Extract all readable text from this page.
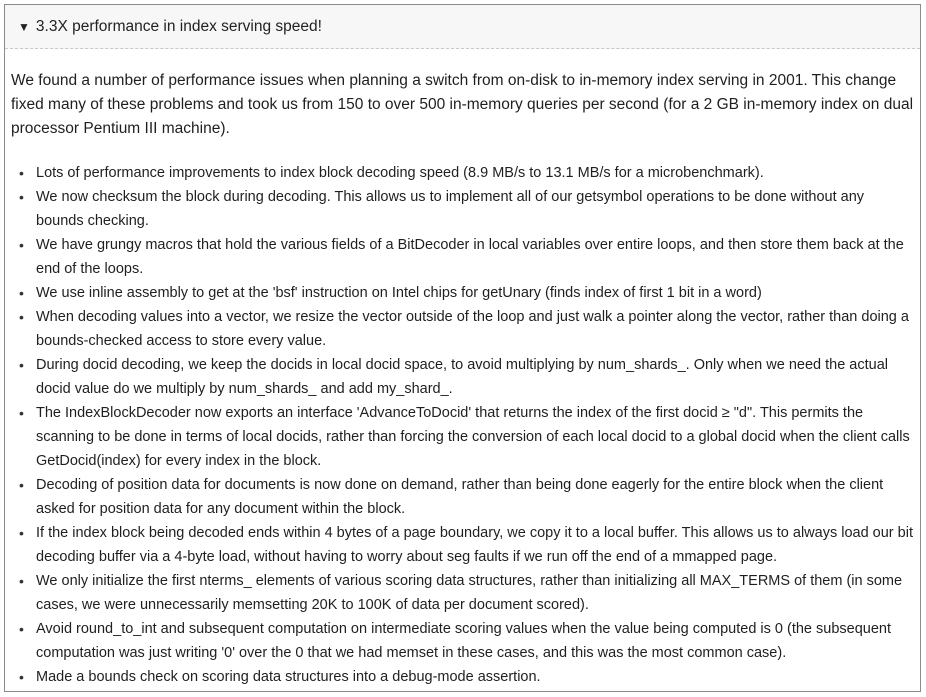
▼ 3.3X performance in index serving speed!

We found a number of performance issues when planning a switch from on-disk to in-memory index serving in 2001. This change fixed many of these problems and took us from 150 to over 500 in-memory queries per second (for a 2 GB in-memory index on dual processor Pentium III machine).

• Lots of performance improvements to index block decoding speed (8.9 MB/s to 13.1 MB/s for a microbenchmark).
• We now checksum the block during decoding. This allows us to implement all of our getsymbol operations to be done without any bounds checking.
• We have grungy macros that hold the various fields of a BitDecoder in local variables over entire loops, and then store them back at the end of the loops.
• We use inline assembly to get at the 'bsf' instruction on Intel chips for getUnary (finds index of first 1 bit in a word)
• When decoding values into a vector, we resize the vector outside of the loop and just walk a pointer along the vector, rather than doing a bounds-checked access to store every value.
• During docid decoding, we keep the docids in local docid space, to avoid multiplying by num_shards_. Only when we need the actual docid value do we multiply by num_shards_ and add my_shard_.
• The IndexBlockDecoder now exports an interface 'AdvanceToDocid' that returns the index of the first docid ≥ "d". This permits the scanning to be done in terms of local docids, rather than forcing the conversion of each local docid to a global docid when the client calls GetDocid(index) for every index in the block.
• Decoding of position data for documents is now done on demand, rather than being done eagerly for the entire block when the client asked for position data for any document within the block.
• If the index block being decoded ends within 4 bytes of a page boundary, we copy it to a local buffer. This allows us to always load our bit decoding buffer via a 4-byte load, without having to worry about seg faults if we run off the end of a mmapped page.
• We only initialize the first nterms_ elements of various scoring data structures, rather than initializing all MAX_TERMS of them (in some cases, we were unnecessarily memsetting 20K to 100K of data per document scored).
• Avoid round_to_int and subsequent computation on intermediate scoring values when the value being computed is 0 (the subsequent computation was just writing '0' over the 0 that we had memset in these cases, and this was the most common case).
• Made a bounds check on scoring data structures into a debug-mode assertion.
